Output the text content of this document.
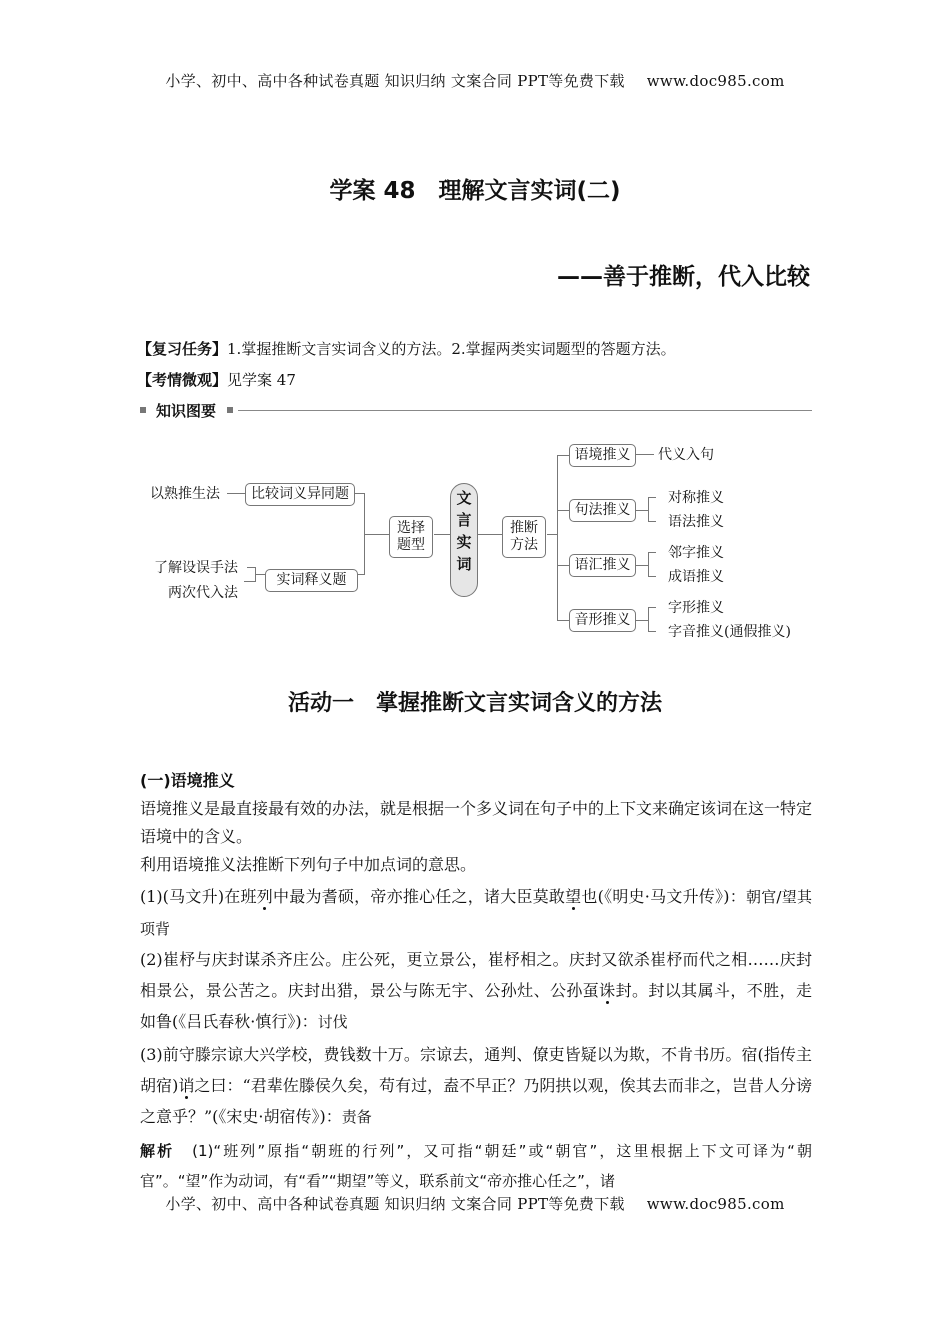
小学、初中、高中各种试卷真题 知识归纳 文案合同 PPT等免费下载 www.doc985.com
学案 48　理解文言实词(二)
——善于推断，代入比较
【复习任务】1.掌握推断文言实词含义的方法。2.掌握两类实词题型的答题方法。
【考情微观】见学案 47
知识图要
以熟推生法
了解设误手法
两次代入法
比较词义异同题
实词释义题
选择题型
文
言
实
词
推断方法
语境推义
句法推义
语汇推义
音形推义
代义入句
对称推义
语法推义
邻字推义
成语推义
字形推义
字音推义(通假推义)
活动一　掌握推断文言实词含义的方法
(一)语境推义
语境推义是最直接最有效的办法，就是根据一个多义词在句子中的上下文来确定该词在这一特定语境中的含义。
利用语境推义法推断下列句子中加点词的意思。
(1)(马文升)在班列中最为耆硕，帝亦推心任之，诸大臣莫敢望也(《明史·马文升传》)：朝官/望其项背
(2)崔杼与庆封谋杀齐庄公。庄公死，更立景公，崔杼相之。庆封又欲杀崔杼而代之相……庆封相景公，景公苦之。庆封出猎，景公与陈无宇、公孙灶、公孙虿诛封。封以其属斗，不胜，走如鲁(《吕氏春秋·慎行》)：讨伐
(3)前守滕宗谅大兴学校，费钱数十万。宗谅去，通判、僚吏皆疑以为欺，不肯书历。宿(指传主胡宿)诮之曰：“君辈佐滕侯久矣，苟有过，盍不早正？乃阴拱以观，俟其去而非之，岂昔人分谤之意乎？”(《宋史·胡宿传》)：责备
解析 (1)“班列”原指“朝班的行列”，又可指“朝廷”或“朝官”，这里根据上下文可译为“朝官”。“望”作为动词，有“看”“期望”等义，联系前文“帝亦推心任之”，诸
小学、初中、高中各种试卷真题 知识归纳 文案合同 PPT等免费下载 www.doc985.com
